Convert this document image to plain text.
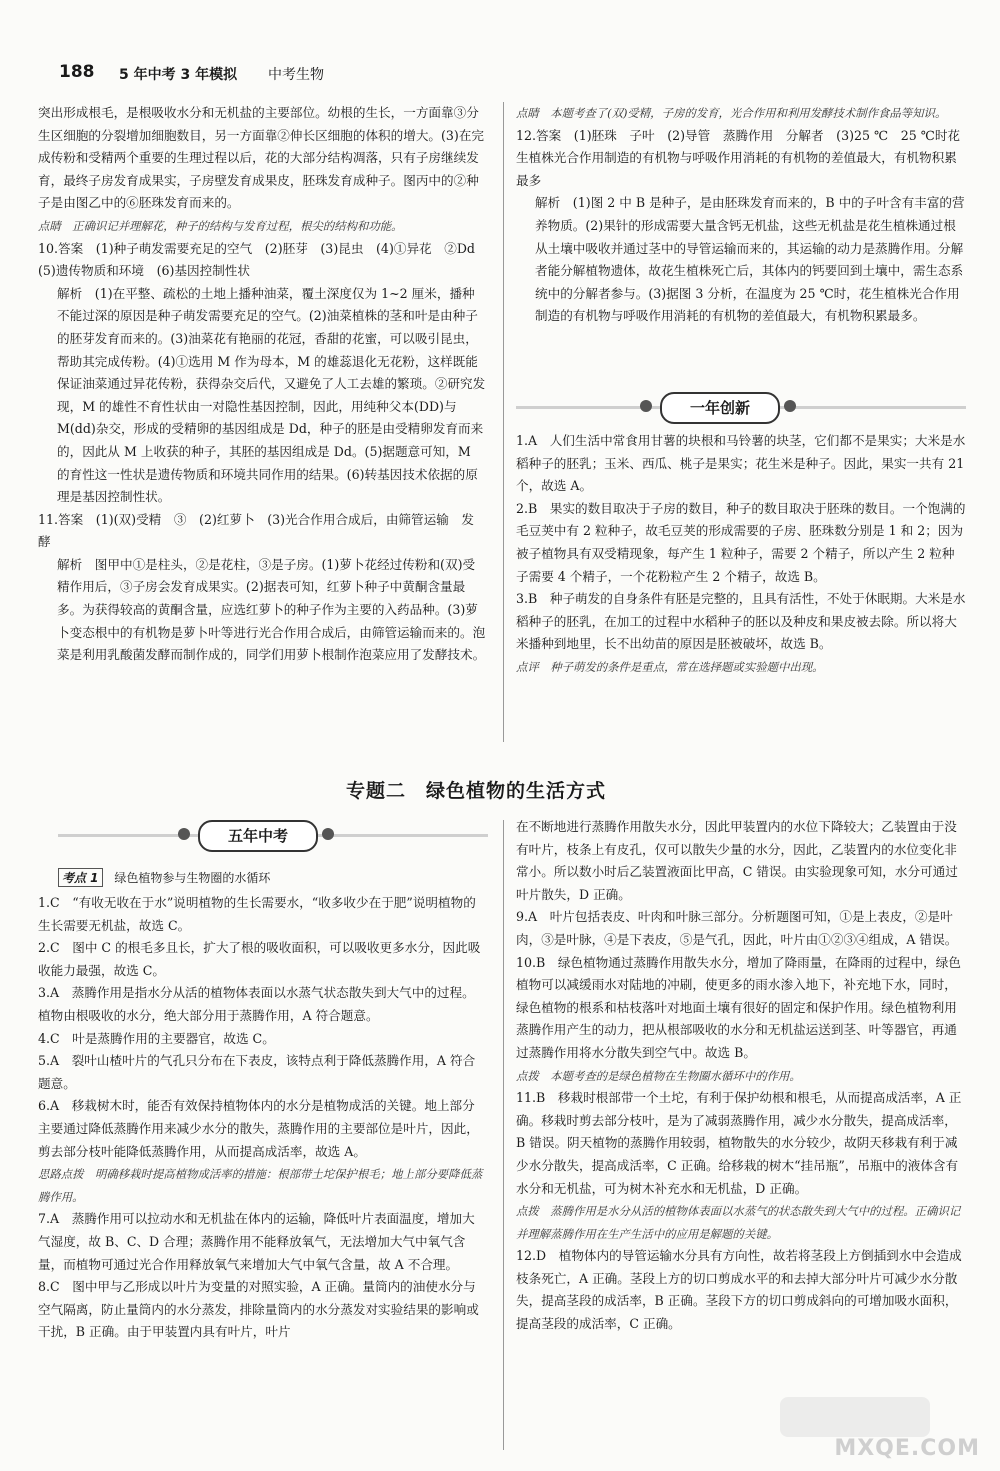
188 5 年中考 3 年模拟 中考生物

突出形成根毛，是根吸收水分和无机盐的主要部位。幼根的生长，一方面靠③分生区细胞的分裂增加细胞数目，另一方面靠②伸长区细胞的体积的增大。(3)在完成传粉和受精两个重要的生理过程以后，花的大部分结构凋落，只有子房继续发育，最终子房发育成果实，子房壁发育成果皮，胚珠发育成种子。图丙中的②种子是由图乙中的⑥胚珠发育而来的。

点睛　正确识记并理解花，种子的结构与发育过程，根尖的结构和功能。

10.答案　(1)种子萌发需要充足的空气　(2)胚芽　(3)昆虫　(4)①异花　②Dd　(5)遗传物质和环境　(6)基因控制性状

解析　(1)在平整、疏松的土地上播种油菜，覆土深度仅为 1~2 厘米，播种不能过深的原因是种子萌发需要充足的空气。(2)油菜植株的茎和叶是由种子的胚芽发育而来的。(3)油菜花有艳丽的花冠，香甜的花蜜，可以吸引昆虫，帮助其完成传粉。(4)①选用 M 作为母本，M 的雄蕊退化无花粉，这样既能保证油菜通过异花传粉，获得杂交后代，又避免了人工去雄的繁琐。②研究发现，M 的雄性不育性状由一对隐性基因控制，因此，用纯种父本(DD)与 M(dd)杂交，形成的受精卵的基因组成是 Dd，种子的胚是由受精卵发育而来的，因此从 M 上收获的种子，其胚的基因组成是 Dd。(5)据题意可知，M 的育性这一性状是遗传物质和环境共同作用的结果。(6)转基因技术依据的原理是基因控制性状。

11.答案　(1)(双)受精　③　(2)红萝卜　(3)光合作用合成后，由筛管运输　发酵

解析　图甲中①是柱头，②是花柱，③是子房。(1)萝卜花经过传粉和(双)受精作用后，③子房会发育成果实。(2)据表可知，红萝卜种子中黄酮含量最多。为获得较高的黄酮含量，应选红萝卜的种子作为主要的入药品种。(3)萝卜变态根中的有机物是萝卜叶等进行光合作用合成后，由筛管运输而来的。泡菜是利用乳酸菌发酵而制作成的，同学们用萝卜根制作泡菜应用了发酵技术。

点睛　本题考查了(双)受精，子房的发育，光合作用和利用发酵技术制作食品等知识。

12.答案　(1)胚珠　子叶　(2)导管　蒸腾作用　分解者　(3)25 ℃　25 ℃时花生植株光合作用制造的有机物与呼吸作用消耗的有机物的差值最大，有机物积累最多

解析　(1)图 2 中 B 是种子，是由胚珠发育而来的，B 中的子叶含有丰富的营养物质。(2)果针的形成需要大量含钙无机盐，这些无机盐是花生植株通过根从土壤中吸收并通过茎中的导管运输而来的，其运输的动力是蒸腾作用。分解者能分解植物遗体，故花生植株死亡后，其体内的钙要回到土壤中，需生态系统中的分解者参与。(3)据图 3 分析，在温度为 25 ℃时，花生植株光合作用制造的有机物与呼吸作用消耗的有机物的差值最大，有机物积累最多。

一年创新

1.A　人们生活中常食用甘薯的块根和马铃薯的块茎，它们都不是果实；大米是水稻种子的胚乳；玉米、西瓜、桃子是果实；花生米是种子。因此，果实一共有 21 个，故选 A。

2.B　果实的数目取决于子房的数目，种子的数目取决于胚珠的数目。一个饱满的毛豆荚中有 2 粒种子，故毛豆荚的形成需要的子房、胚珠数分别是 1 和 2；因为被子植物具有双受精现象，每产生 1 粒种子，需要 2 个精子，所以产生 2 粒种子需要 4 个精子，一个花粉粒产生 2 个精子，故选 B。

3.B　种子萌发的自身条件有胚是完整的，且具有活性，不处于休眠期。大米是水稻种子的胚乳，在加工的过程中水稻种子的胚以及种皮和果皮被去除。所以将大米播种到地里，长不出幼苗的原因是胚被破坏，故选 B。

点评　种子萌发的条件是重点，常在选择题或实验题中出现。

专题二　绿色植物的生活方式
五年中考
考点 1 绿色植物参与生物圈的水循环

1.C　“有收无收在于水”说明植物的生长需要水，“收多收少在于肥”说明植物的生长需要无机盐，故选 C。

2.C　图中 C 的根毛多且长，扩大了根的吸收面积，可以吸收更多水分，因此吸收能力最强，故选 C。

3.A　蒸腾作用是指水分从活的植物体表面以水蒸气状态散失到大气中的过程。植物由根吸收的水分，绝大部分用于蒸腾作用，A 符合题意。

4.C　叶是蒸腾作用的主要器官，故选 C。

5.A　裂叶山楂叶片的气孔只分布在下表皮，该特点利于降低蒸腾作用，A 符合题意。

6.A　移栽树木时，能否有效保持植物体内的水分是植物成活的关键。地上部分主要通过降低蒸腾作用来减少水分的散失，蒸腾作用的主要部位是叶片，因此，剪去部分枝叶能降低蒸腾作用，从而提高成活率，故选 A。

思路点拨　明确移栽时提高植物成活率的措施：根部带土坨保护根毛；地上部分要降低蒸腾作用。

7.A　蒸腾作用可以拉动水和无机盐在体内的运输，降低叶片表面温度，增加大气湿度，故 B、C、D 合理；蒸腾作用不能释放氧气，无法增加大气中氧气含量，而植物可通过光合作用释放氧气来增加大气中氧气含量，故 A 不合理。

8.C　图中甲与乙形成以叶片为变量的对照实验，A 正确。量筒内的油使水分与空气隔离，防止量筒内的水分蒸发，排除量筒内的水分蒸发对实验结果的影响或干扰，B 正确。由于甲装置内具有叶片，叶片

在不断地进行蒸腾作用散失水分，因此甲装置内的水位下降较大；乙装置由于没有叶片，枝条上有皮孔，仅可以散失少量的水分，因此，乙装置内的水位变化非常小。所以数小时后乙装置液面比甲高，C 错误。由实验现象可知，水分可通过叶片散失，D 正确。

9.A　叶片包括表皮、叶肉和叶脉三部分。分析题图可知，①是上表皮，②是叶肉，③是叶脉，④是下表皮，⑤是气孔，因此，叶片由①②③④组成，A 错误。

10.B　绿色植物通过蒸腾作用散失水分，增加了降雨量，在降雨的过程中，绿色植物可以减缓雨水对陆地的冲刷，使更多的雨水渗入地下，补充地下水，同时，绿色植物的根系和枯枝落叶对地面土壤有很好的固定和保护作用。绿色植物利用蒸腾作用产生的动力，把从根部吸收的水分和无机盐运送到茎、叶等器官，再通过蒸腾作用将水分散失到空气中。故选 B。

点拨　本题考查的是绿色植物在生物圈水循环中的作用。

11.B　移栽时根部带一个土坨，有利于保护幼根和根毛，从而提高成活率，A 正确。移栽时剪去部分枝叶，是为了减弱蒸腾作用，减少水分散失，提高成活率，B 错误。阴天植物的蒸腾作用较弱，植物散失的水分较少，故阴天移栽有利于减少水分散失，提高成活率，C 正确。给移栽的树木“挂吊瓶”，吊瓶中的液体含有水分和无机盐，可为树木补充水和无机盐，D 正确。

点拨　蒸腾作用是水分从活的植物体表面以水蒸气的状态散失到大气中的过程。正确识记并理解蒸腾作用在生产生活中的应用是解题的关键。

12.D　植物体内的导管运输水分具有方向性，故若将茎段上方倒插到水中会造成枝条死亡，A 正确。茎段上方的切口剪成水平的和去掉大部分叶片可减少水分散失，提高茎段的成活率，B 正确。茎段下方的切口剪成斜向的可增加吸水面积，提高茎段的成活率，C 正确。

MXQE.COM
